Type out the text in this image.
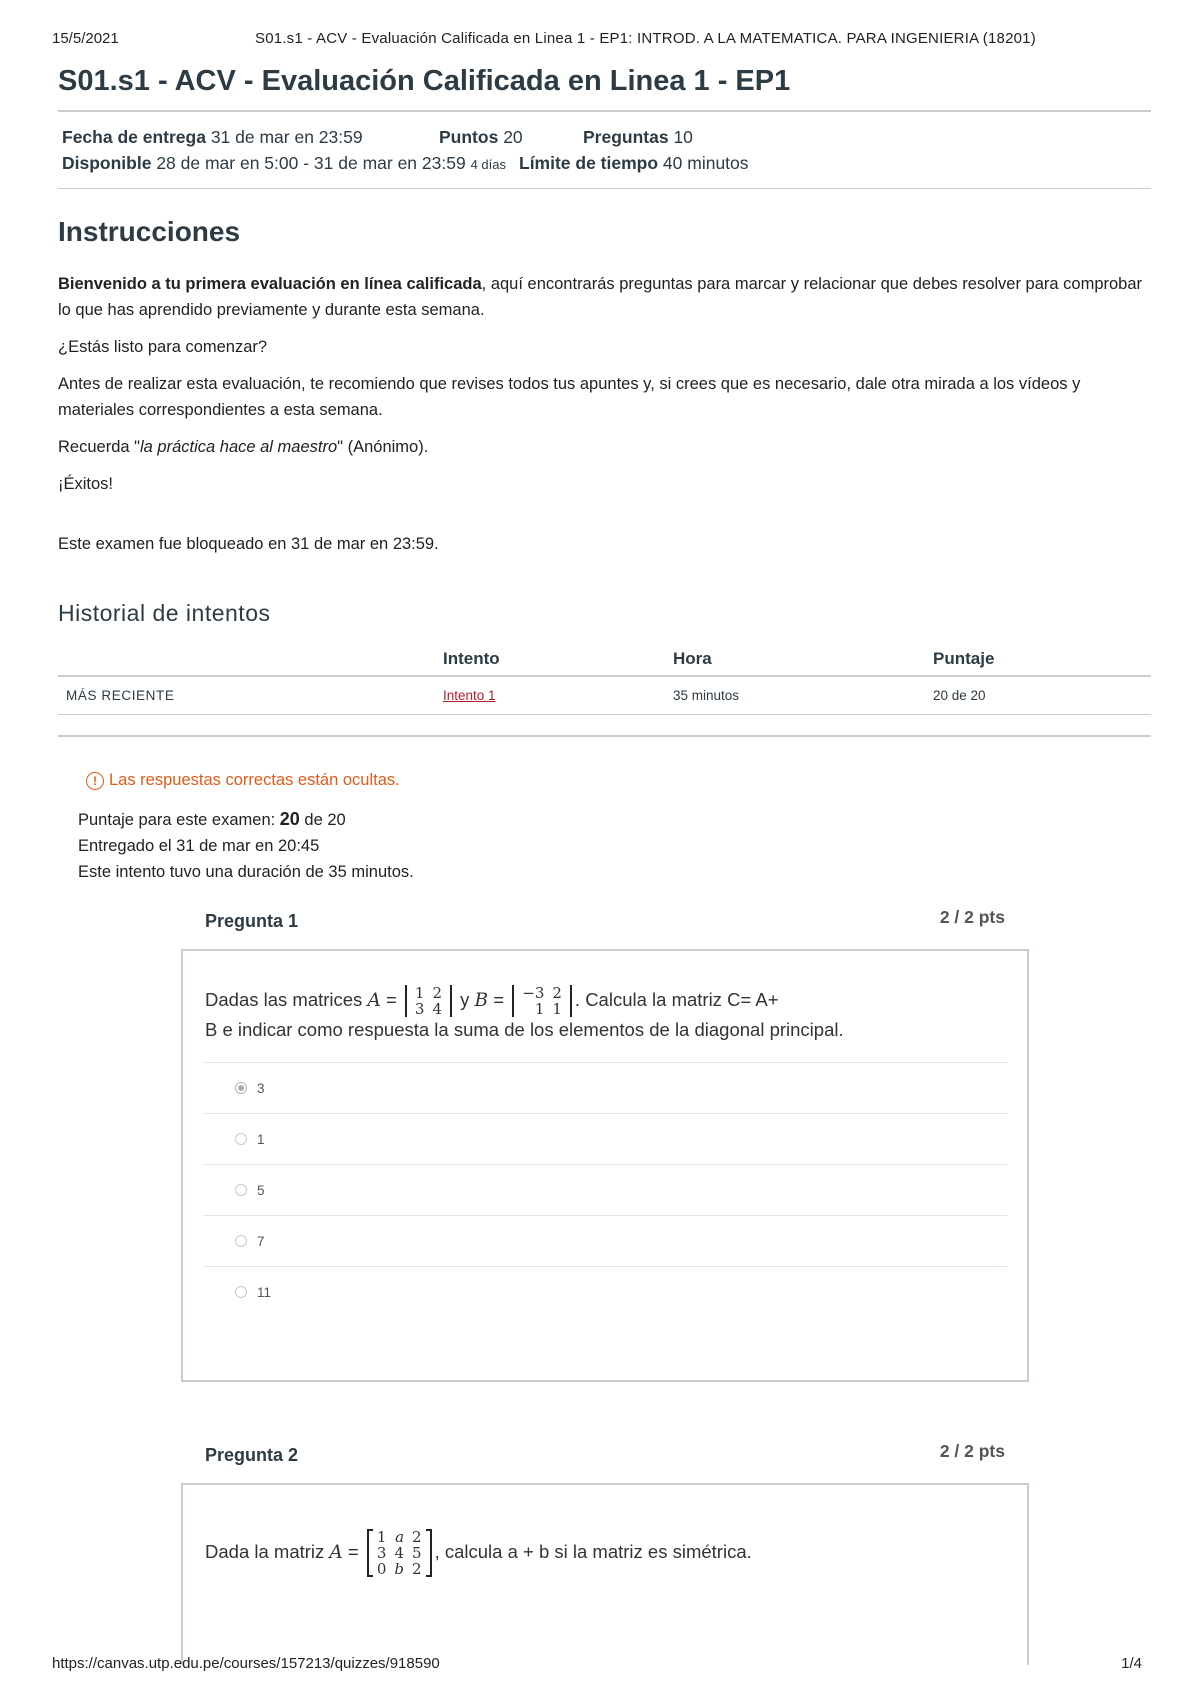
15/5/2021	S01.s1 - ACV - Evaluación Calificada en Linea 1 - EP1: INTROD. A LA MATEMATICA. PARA INGENIERIA (18201)
S01.s1 - ACV - Evaluación Calificada en Linea 1 - EP1
Fecha de entrega 31 de mar en 23:59	Puntos 20	Preguntas 10
Disponible 28 de mar en 5:00 - 31 de mar en 23:59 4 días Límite de tiempo 40 minutos
Instrucciones

Bienvenido a tu primera evaluación en línea calificada, aquí encontrarás preguntas para marcar y relacionar que debes resolver para comprobar lo que has aprendido previamente y durante esta semana.

¿Estás listo para comenzar?

Antes de realizar esta evaluación, te recomiendo que revises todos tus apuntes y, si crees que es necesario, dale otra mirada a los vídeos y materiales correspondientes a esta semana.

Recuerda "la práctica hace al maestro" (Anónimo).

¡Éxitos!

Este examen fue bloqueado en 31 de mar en 23:59.
Historial de intentos
	Intento	Hora	Puntaje
MÁS RECIENTE	Intento 1	35 minutos	20 de 20
! Las respuestas correctas están ocultas.
Puntaje para este examen: 20 de 20
Entregado el 31 de mar en 20:45
Este intento tuvo una duración de 35 minutos.
Pregunta 1	2 / 2 pts
Dadas las matrices A = 1	2
3	4 y B = −3	2
1	1 . Calcula la matriz C= A+
B e indicar como respuesta la suma de los elementos de la diagonal principal.
3
1
5
7
11
Pregunta 2	2 / 2 pts
Dada la matriz A =
1	a	2
3	4	5
0	b	2
, calcula a + b si la matriz es simétrica.
https://canvas.utp.edu.pe/courses/157213/quizzes/918590	1/4
